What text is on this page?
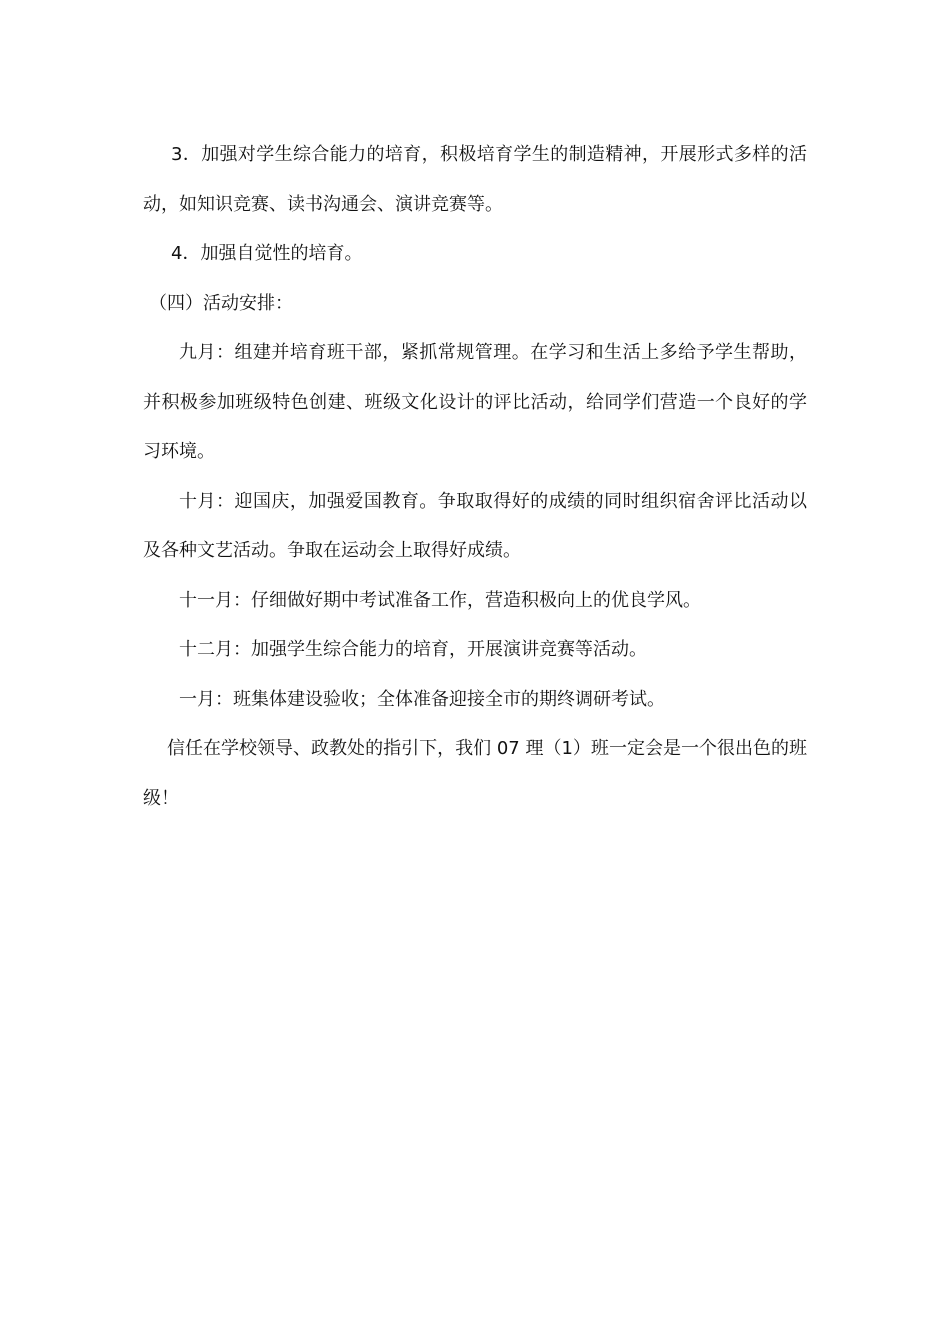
3．加强对学生综合能力的培育，积极培育学生的制造精神，开展形式多样的活动，如知识竞赛、读书沟通会、演讲竞赛等。

4．加强自觉性的培育。

（四）活动安排：

九月：组建并培育班干部，紧抓常规管理。在学习和生活上多给予学生帮助，并积极参加班级特色创建、班级文化设计的评比活动，给同学们营造一个良好的学习环境。

十月：迎国庆，加强爱国教育。争取取得好的成绩的同时组织宿舍评比活动以及各种文艺活动。争取在运动会上取得好成绩。

十一月：仔细做好期中考试准备工作，营造积极向上的优良学风。

十二月：加强学生综合能力的培育，开展演讲竞赛等活动。

一月：班集体建设验收；全体准备迎接全市的期终调研考试。

信任在学校领导、政教处的指引下，我们 07 理（1）班一定会是一个很出色的班级！
